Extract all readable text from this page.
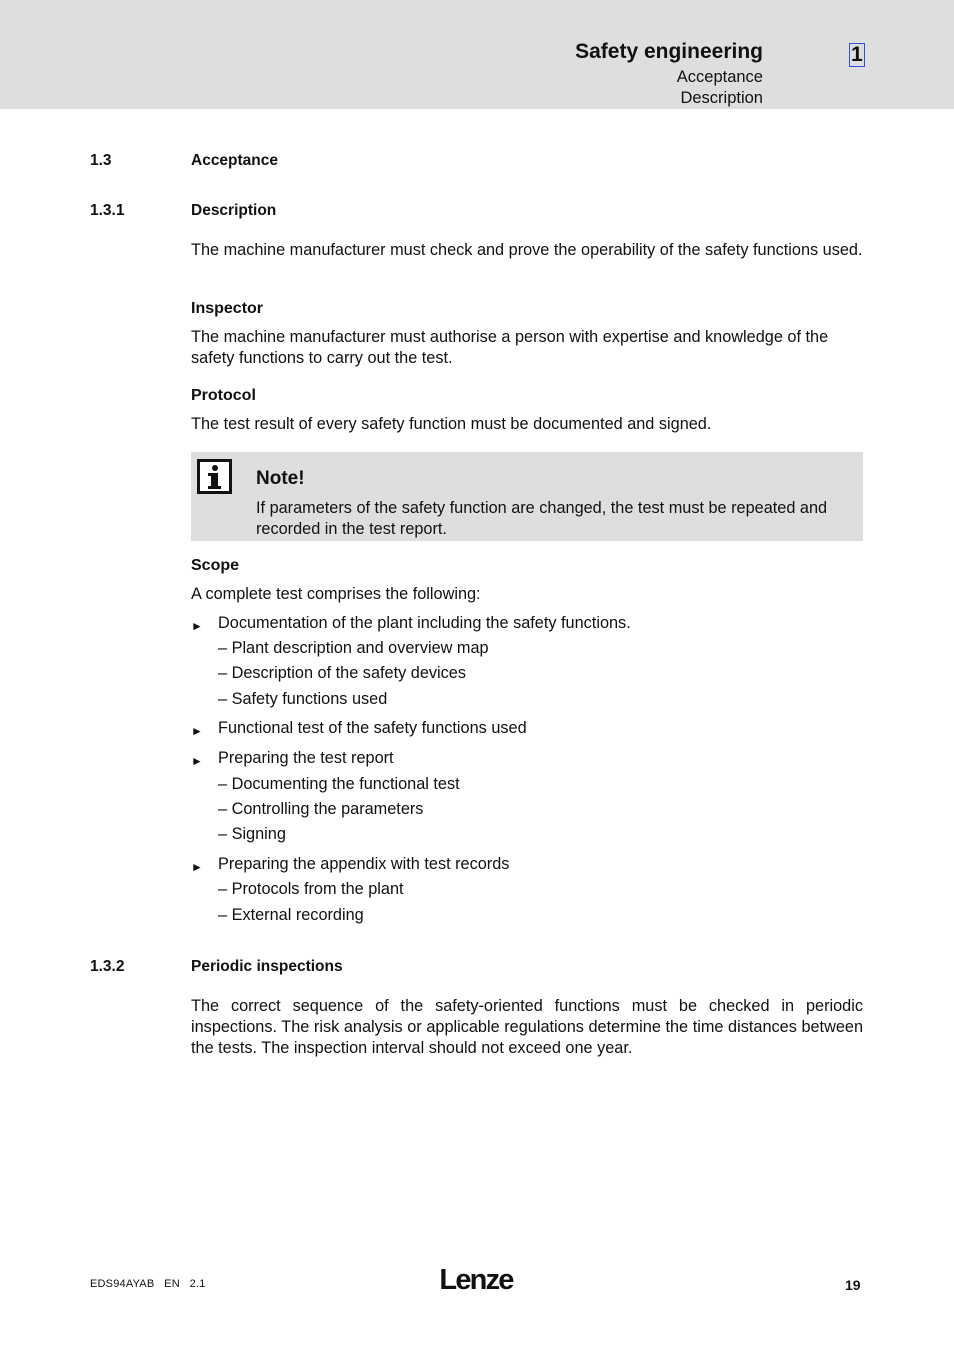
Safety engineering
Acceptance
Description
1
1.3	Acceptance
1.3.1	Description

The machine manufacturer must check and prove the operability of the safety functions used.

Inspector

The machine manufacturer must authorise a person with expertise and knowledge of the safety functions to carry out the test.

Protocol

The test result of every safety function must be documented and signed.

Note!

If parameters of the safety function are changed, the test must be repeated and recorded in the test report.

Scope
A complete test comprises the following:
► Documentation of the plant including the safety functions.
– Plant description and overview map
– Description of the safety devices
– Safety functions used
► Functional test of the safety functions used
► Preparing the test report
– Documenting the functional test
– Controlling the parameters
– Signing
► Preparing the appendix with test records
– Protocols from the plant
– External recording
1.3.2	Periodic inspections

The correct sequence of the safety-oriented functions must be checked in periodic inspections. The risk analysis or applicable regulations determine the time distances between the tests. The inspection interval should not exceed one year.

EDS94AYAB EN 2.1	Lenze	19
